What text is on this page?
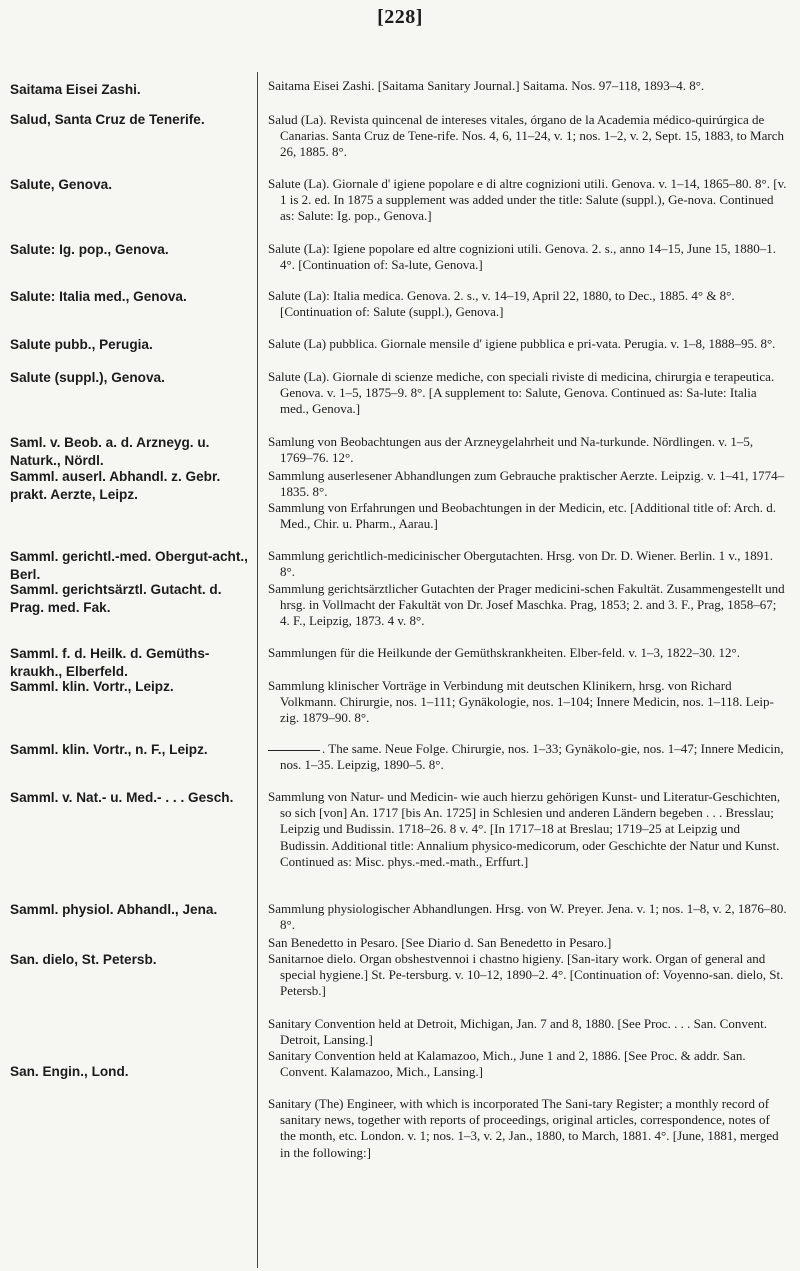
[228]
Saitama Eisei Zashi.
Salud, Santa Cruz de Tenerife.
Salute, Genova.
Salute: Ig. pop., Genova.
Salute: Italia med., Genova.
Salute pubb., Perugia.
Salute (suppl.), Genova.
Saml. v. Beob. a. d. Arzneyg. u. Naturk., Nördl.
Samml. auserl. Abhandl. z. Gebr. prakt. Aerzte, Leipz.
Samml. gerichtl.-med. Obergut-acht., Berl.
Samml. gerichtsärztl. Gutacht. d. Prag. med. Fak.
Samml. f. d. Heilk. d. Gemüths-kraukh., Elberfeld.
Samml. klin. Vortr., Leipz.
Samml. klin. Vortr., n. F., Leipz.
Samml. v. Nat.- u. Med.- . . . Gesch.
Samml. physiol. Abhandl., Jena.
San. dielo, St. Petersb.
San. Engin., Lond.

Saitama Eisei Zashi. [Saitama Sanitary Journal.] Saitama. Nos. 97–118, 1893–4. 8°.

Salud (La). Revista quincenal de intereses vitales, órgano de la Academia médico-quirúrgica de Canarias. Santa Cruz de Tene-rife. Nos. 4, 6, 11–24, v. 1; nos. 1–2, v. 2, Sept. 15, 1883, to March 26, 1885. 8°.

Salute (La). Giornale d' igiene popolare e di altre cognizioni utili. Genova. v. 1–14, 1865–80. 8°. [v. 1 is 2. ed. In 1875 a supplement was added under the title: Salute (suppl.), Ge-nova. Continued as: Salute: Ig. pop., Genova.]

Salute (La): Igiene popolare ed altre cognizioni utili. Genova. 2. s., anno 14–15, June 15, 1880–1. 4°. [Continuation of: Sa-lute, Genova.]

Salute (La): Italia medica. Genova. 2. s., v. 14–19, April 22, 1880, to Dec., 1885. 4° & 8°. [Continuation of: Salute (suppl.), Genova.]

Salute (La) pubblica. Giornale mensile d' igiene pubblica e pri-vata. Perugia. v. 1–8, 1888–95. 8°.

Salute (La). Giornale di scienze mediche, con speciali riviste di medicina, chirurgia e terapeutica. Genova. v. 1–5, 1875–9. 8°. [A supplement to: Salute, Genova. Continued as: Sa-lute: Italia med., Genova.]

Samlung von Beobachtungen aus der Arzneygelahrheit und Na-turkunde. Nördlingen. v. 1–5, 1769–76. 12°.

Sammlung auserlesener Abhandlungen zum Gebrauche praktischer Aerzte. Leipzig. v. 1–41, 1774–1835. 8°.

Sammlung von Erfahrungen und Beobachtungen in der Medicin, etc. [Additional title of: Arch. d. Med., Chir. u. Pharm., Aarau.]

Sammlung gerichtlich-medicinischer Obergutachten. Hrsg. von Dr. D. Wiener. Berlin. 1 v., 1891. 8°.

Sammlung gerichtsärztlicher Gutachten der Prager medicini-schen Fakultät. Zusammengestellt und hrsg. in Vollmacht der Fakultät von Dr. Josef Maschka. Prag, 1853; 2. and 3. F., Prag, 1858–67; 4. F., Leipzig, 1873. 4 v. 8°.

Sammlungen für die Heilkunde der Gemüthskrankheiten. Elber-feld. v. 1–3, 1822–30. 12°.

Sammlung klinischer Vorträge in Verbindung mit deutschen Klinikern, hrsg. von Richard Volkmann. Chirurgie, nos. 1–111; Gynäkologie, nos. 1–104; Innere Medicin, nos. 1–118. Leip-zig. 1879–90. 8°.

. The same. Neue Folge. Chirurgie, nos. 1–33; Gynäkolo-gie, nos. 1–47; Innere Medicin, nos. 1–35. Leipzig, 1890–5. 8°.

Sammlung von Natur- und Medicin- wie auch hierzu gehörigen Kunst- und Literatur-Geschichten, so sich [von] An. 1717 [bis An. 1725] in Schlesien und anderen Ländern begeben . . . Bresslau; Leipzig und Budissin. 1718–26. 8 v. 4°. [In 1717–18 at Breslau; 1719–25 at Leipzig und Budissin. Additional title: Annalium physico-medicorum, oder Geschichte der Natur und Kunst. Continued as: Misc. phys.-med.-math., Erffurt.]

Sammlung physiologischer Abhandlungen. Hrsg. von W. Preyer. Jena. v. 1; nos. 1–8, v. 2, 1876–80. 8°.

San Benedetto in Pesaro. [See Diario d. San Benedetto in Pesaro.]

Sanitarnoe dielo. Organ obshestvennoi i chastno higieny. [San-itary work. Organ of general and special hygiene.] St. Pe-tersburg. v. 10–12, 1890–2. 4°. [Continuation of: Voyenno-san. dielo, St. Petersb.]

Sanitary Convention held at Detroit, Michigan, Jan. 7 and 8, 1880. [See Proc. . . . San. Convent. Detroit, Lansing.]

Sanitary Convention held at Kalamazoo, Mich., June 1 and 2, 1886. [See Proc. & addr. San. Convent. Kalamazoo, Mich., Lansing.]

Sanitary (The) Engineer, with which is incorporated The Sani-tary Register; a monthly record of sanitary news, together with reports of proceedings, original articles, correspondence, notes of the month, etc. London. v. 1; nos. 1–3, v. 2, Jan., 1880, to March, 1881. 4°. [June, 1881, merged in the following:]
